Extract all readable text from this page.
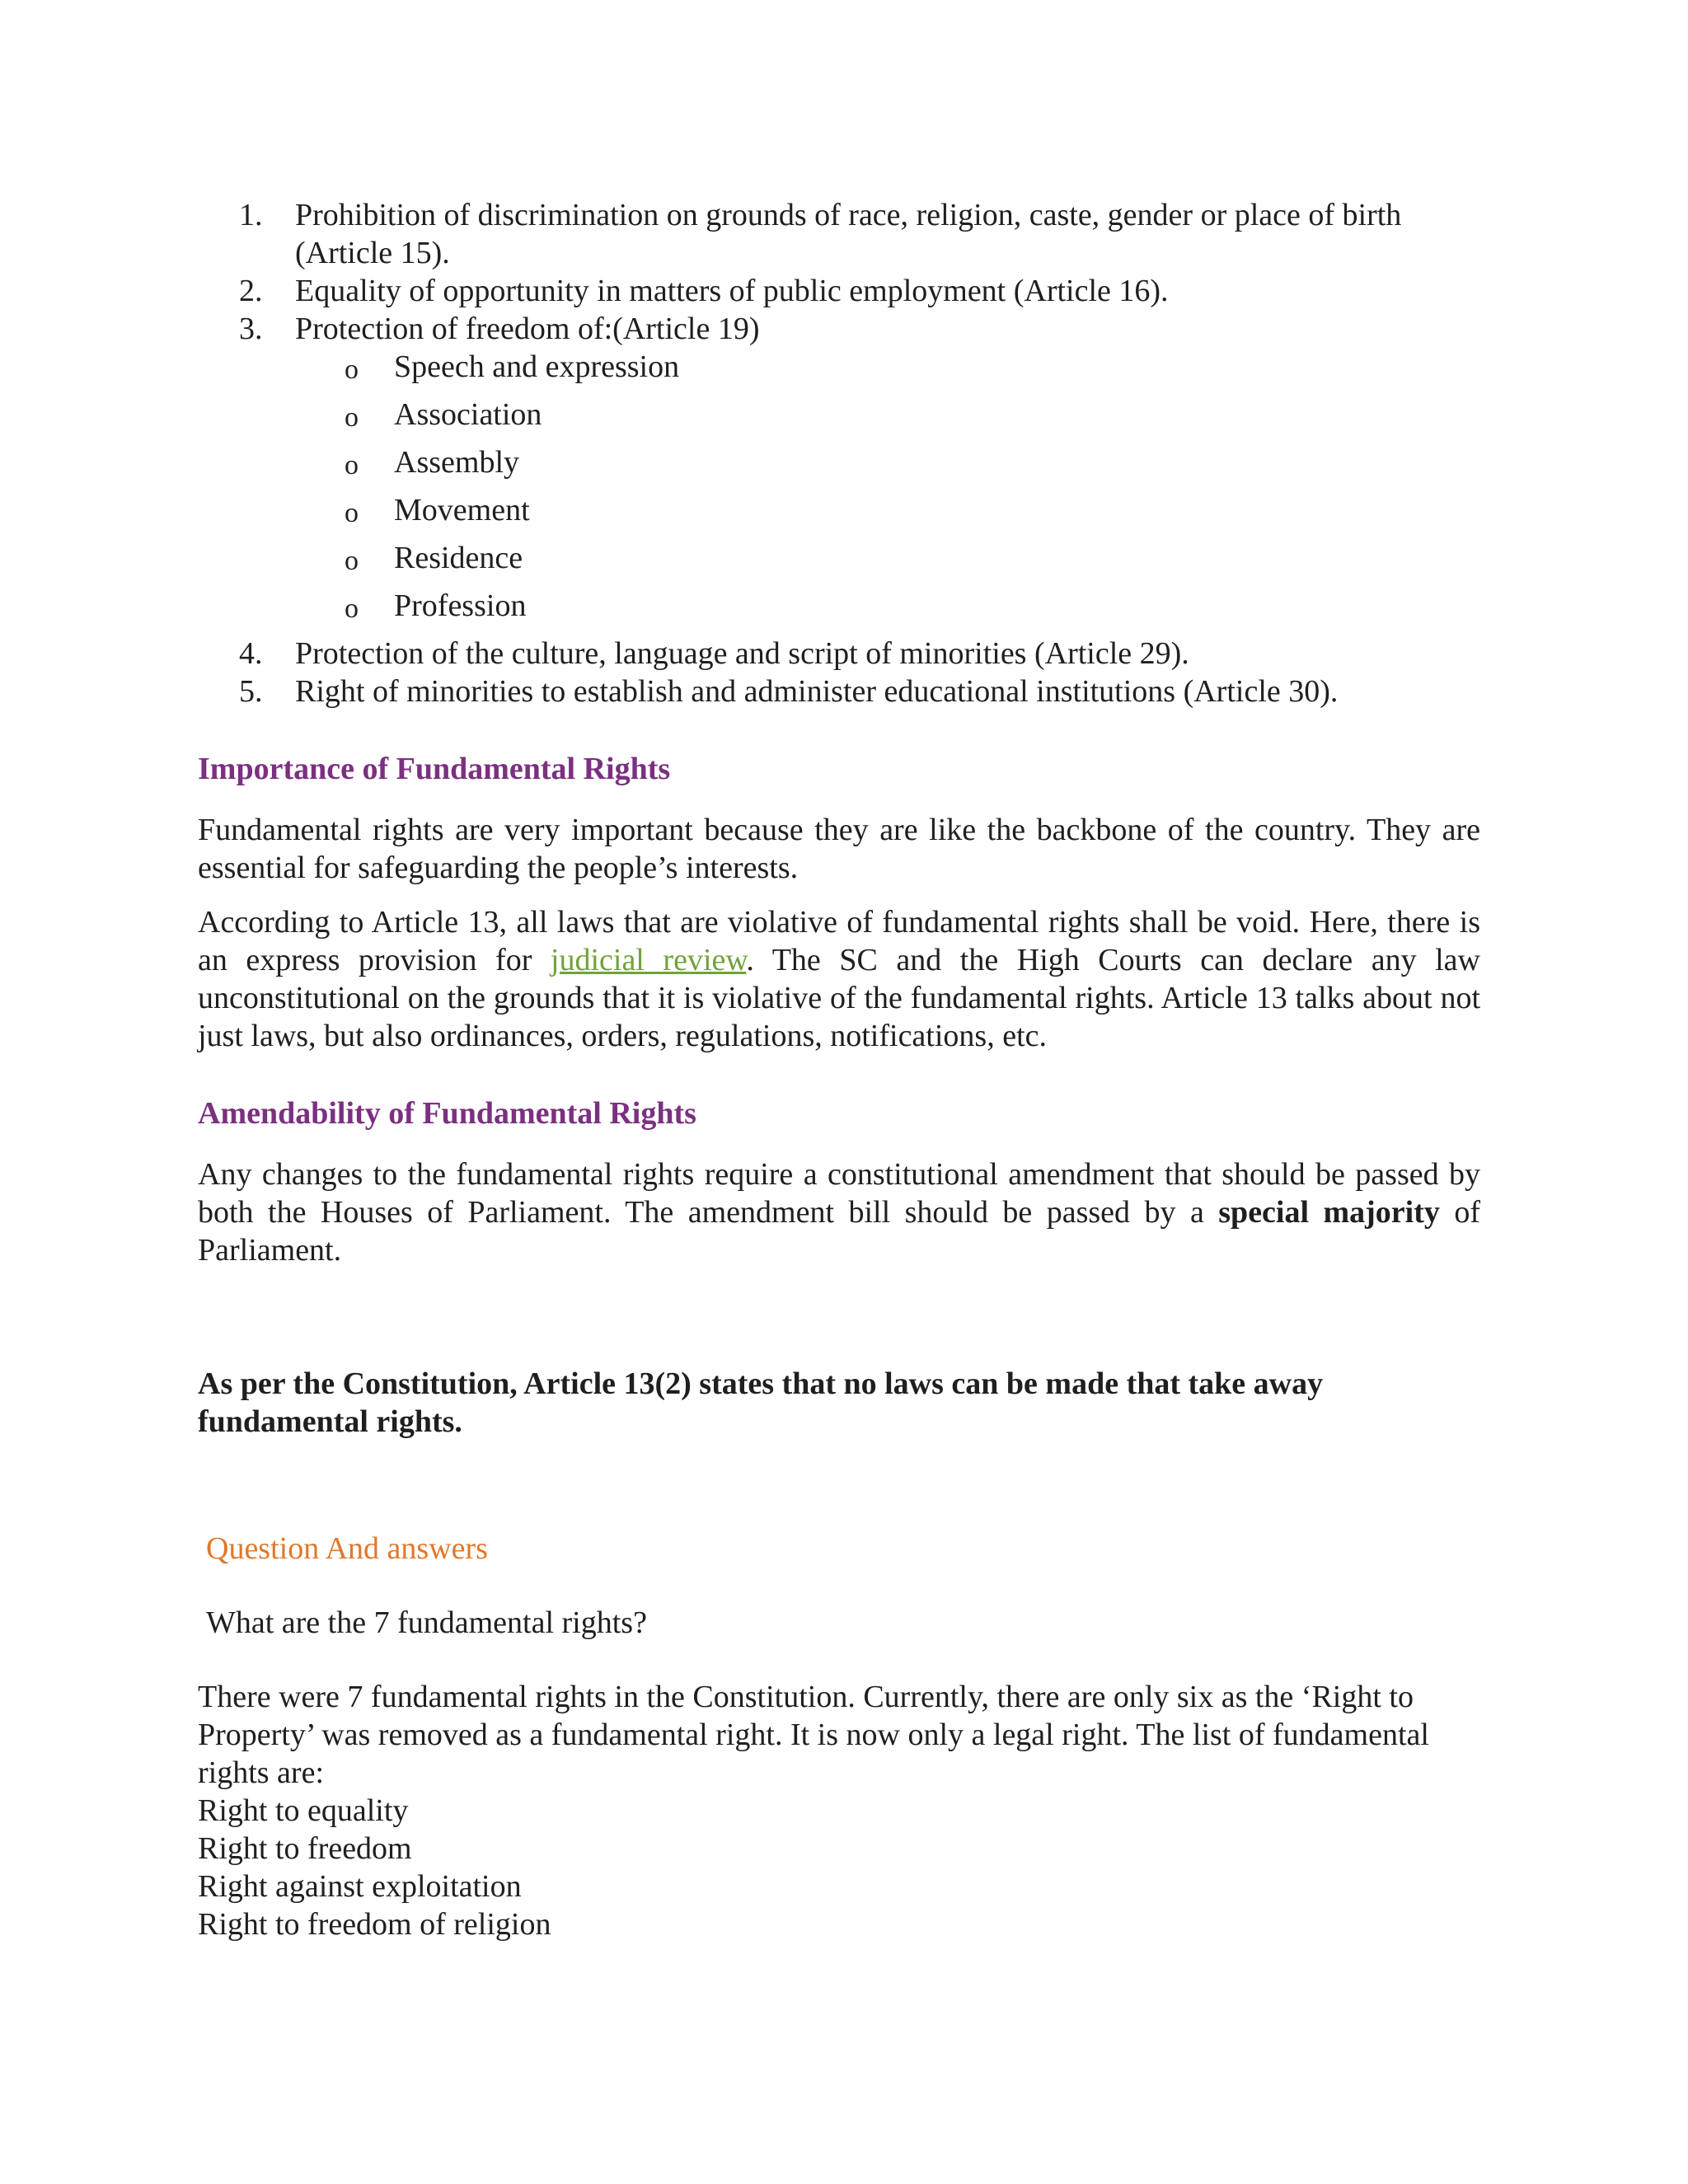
1. Prohibition of discrimination on grounds of race, religion, caste, gender or place of birth (Article 15).
2. Equality of opportunity in matters of public employment (Article 16).
3. Protection of freedom of:(Article 19)
o Speech and expression
o Association
o Assembly
o Movement
o Residence
o Profession
4. Protection of the culture, language and script of minorities (Article 29).
5. Right of minorities to establish and administer educational institutions (Article 30).
Importance of Fundamental Rights

Fundamental rights are very important because they are like the backbone of the country. They are essential for safeguarding the people’s interests.

According to Article 13, all laws that are violative of fundamental rights shall be void. Here, there is an express provision for judicial review. The SC and the High Courts can declare any law unconstitutional on the grounds that it is violative of the fundamental rights. Article 13 talks about not just laws, but also ordinances, orders, regulations, notifications, etc.

Amendability of Fundamental Rights

Any changes to the fundamental rights require a constitutional amendment that should be passed by both the Houses of Parliament. The amendment bill should be passed by a special majority of Parliament.

As per the Constitution, Article 13(2) states that no laws can be made that take away fundamental rights.

Question And answers

What are the 7 fundamental rights?

There were 7 fundamental rights in the Constitution. Currently, there are only six as the ‘Right to Property’ was removed as a fundamental right. It is now only a legal right. The list of fundamental rights are:

Right to equality
Right to freedom
Right against exploitation
Right to freedom of religion
